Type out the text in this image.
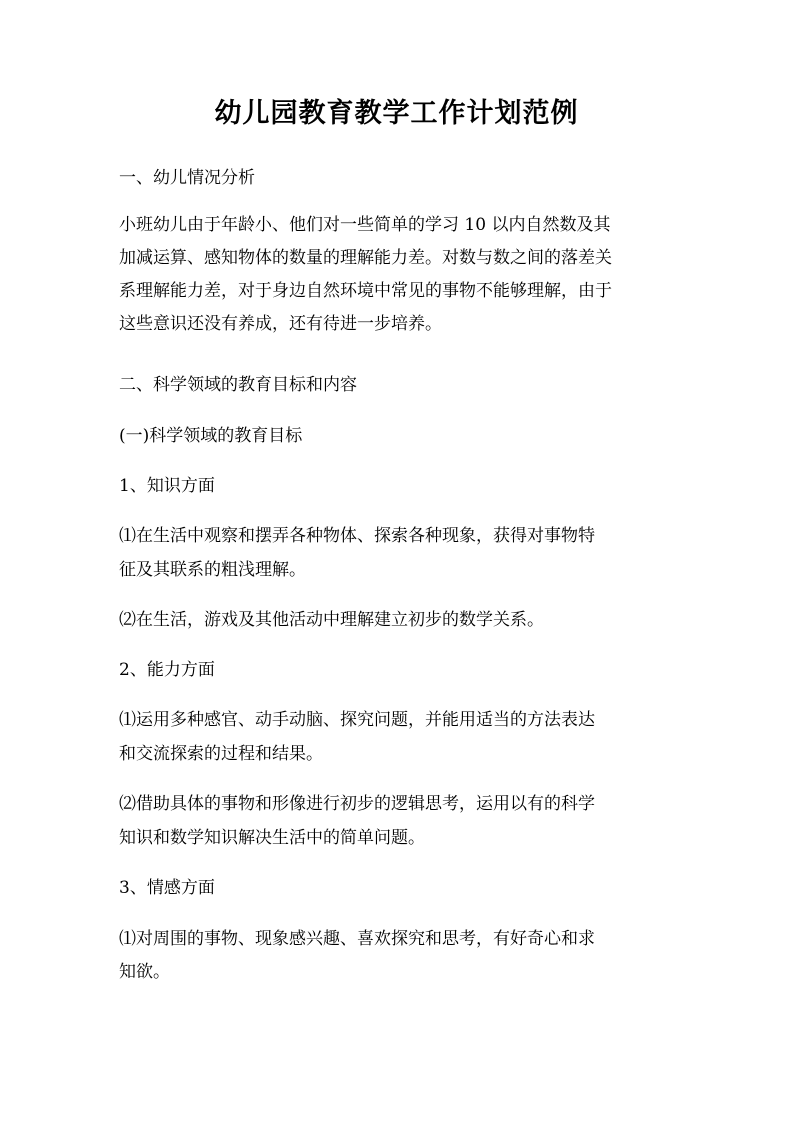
幼儿园教育教学工作计划范例
一、幼儿情况分析
小班幼儿由于年龄小、他们对一些简单的学习 10 以内自然数及其
加减运算、感知物体的数量的理解能力差。对数与数之间的落差关
系理解能力差，对于身边自然环境中常见的事物不能够理解，由于
这些意识还没有养成，还有待进一步培养。
二、科学领域的教育目标和内容
(一)科学领域的教育目标
1、知识方面
⑴在生活中观察和摆弄各种物体、探索各种现象，获得对事物特
征及其联系的粗浅理解。
⑵在生活，游戏及其他活动中理解建立初步的数学关系。
2、能力方面
⑴运用多种感官、动手动脑、探究问题，并能用适当的方法表达
和交流探索的过程和结果。
⑵借助具体的事物和形像进行初步的逻辑思考，运用以有的科学
知识和数学知识解决生活中的简单问题。
3、情感方面
⑴对周围的事物、现象感兴趣、喜欢探究和思考，有好奇心和求
知欲。
